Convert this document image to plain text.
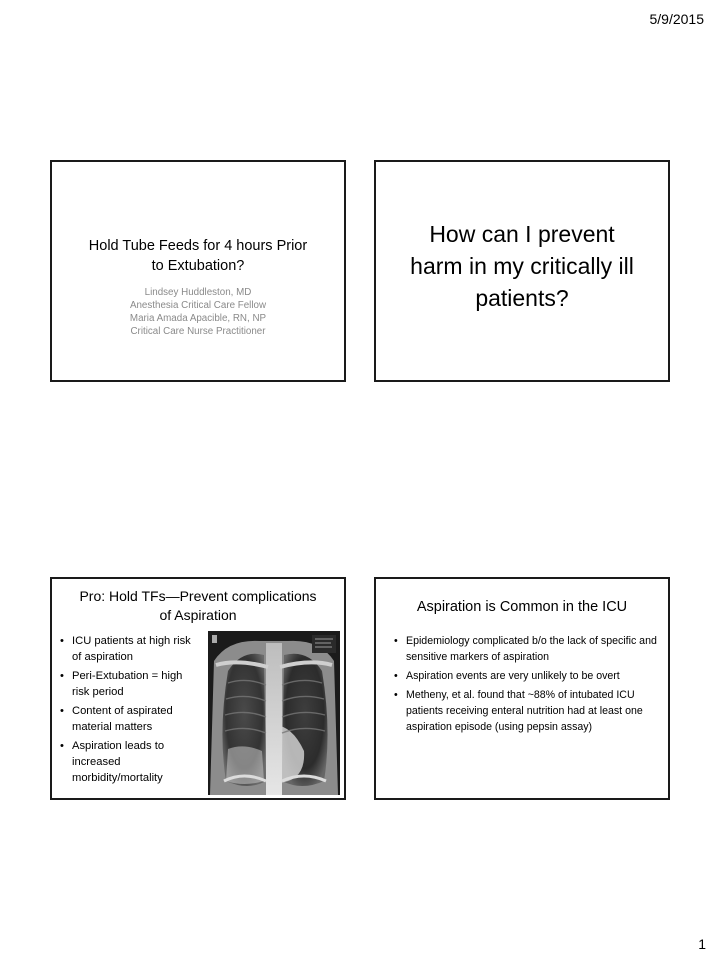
5/9/2015
Hold Tube Feeds for 4 hours Prior
to Extubation?
Lindsey Huddleston, MD
Anesthesia Critical Care Fellow
Maria Amada Apacible, RN, NP
Critical Care Nurse Practitioner
How can I prevent
harm in my critically ill
patients?
Pro: Hold TFs—Prevent complications
of Aspiration
• ICU patients at high risk of aspiration
• Peri-Extubation = high risk period
• Content of aspirated material matters
• Aspiration leads to increased morbidity/mortality
Aspiration is Common in the ICU
• Epidemiology complicated b/o the lack of specific and sensitive markers of aspiration
• Aspiration events are very unlikely to be overt
• Metheny, et al. found that ~88% of intubated ICU patients receiving enteral nutrition had at least one aspiration episode (using pepsin assay)
1
